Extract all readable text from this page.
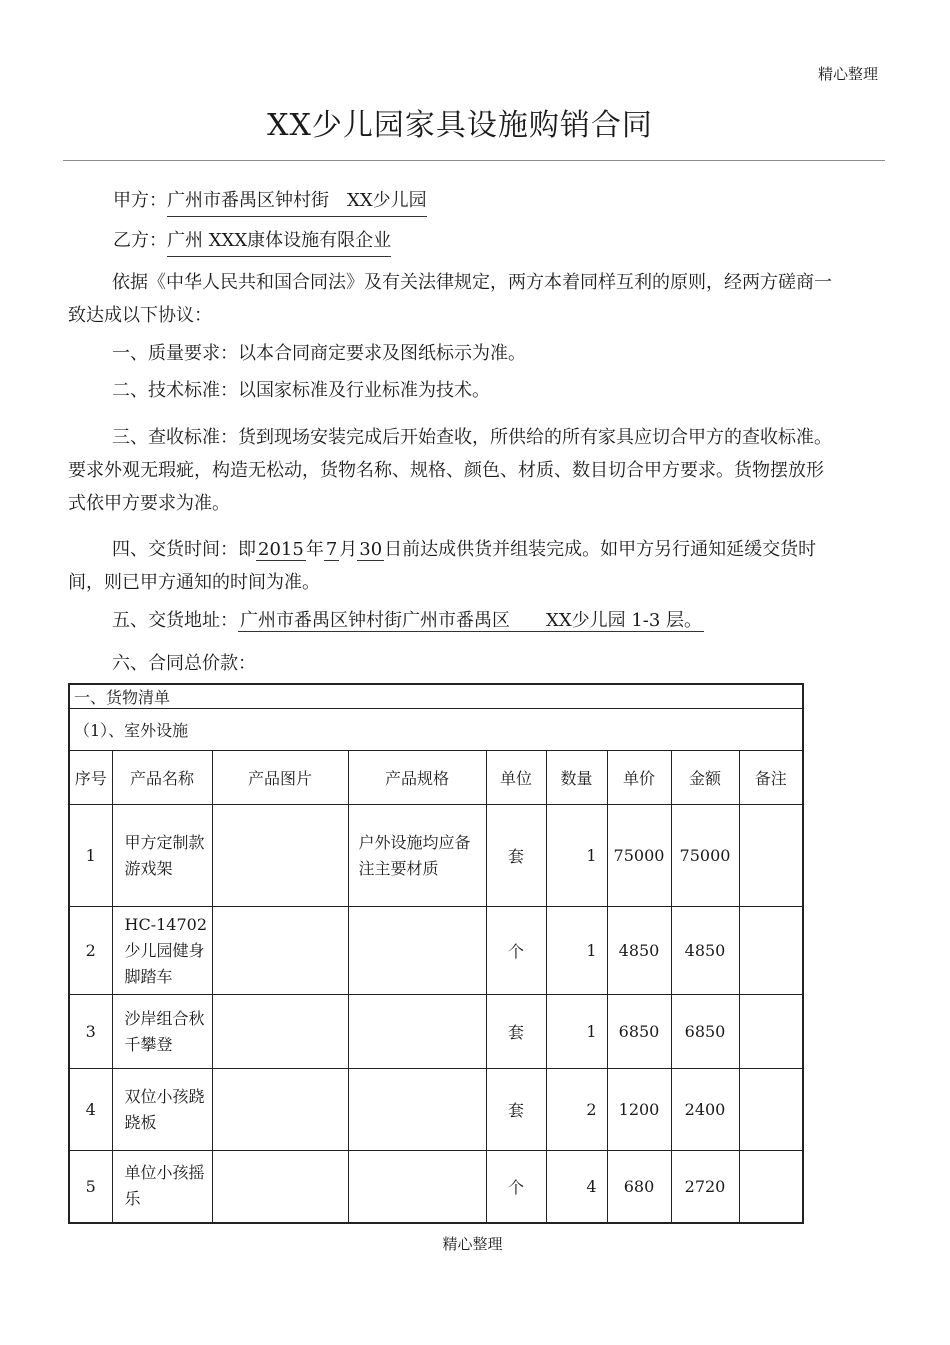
精心整理
XX少儿园家具设施购销合同
甲方：广州市番禺区钟村街　XX少儿园
乙方：广州 XXX康体设施有限企业

依据《中华人民共和国合同法》及有关法律规定，两方本着同样互利的原则，经两方磋商一致达成以下协议：

一、质量要求：以本合同商定要求及图纸标示为准。

二、技术标准：以国家标准及行业标准为技术。

三、查收标准：货到现场安装完成后开始查收，所供给的所有家具应切合甲方的查收标准。要求外观无瑕疵，构造无松动，货物名称、规格、颜色、材质、数目切合甲方要求。货物摆放形式依甲方要求为准。

四、交货时间：即 2015 年 7 月 30 日前达成供货并组装完成。如甲方另行通知延缓交货时间，则已甲方通知的时间为准。

五、交货地址： 广州市番禺区钟村街广州市番禺区　　XX少儿园 1-3 层。

六、合同总价款：

一、货物清单								
（1）、室外设施								
序号	产品名称	产品图片	产品规格	单位	数量	单价	金额	备注
1	甲方定制款游戏架		户外设施均应备注主要材质	套	1	75000	75000	
2	HC-14702少儿园健身脚踏车			个	1	4850	4850	
3	沙岸组合秋千攀登			套	1	6850	6850	
4	双位小孩跷跷板			套	2	1200	2400	
5	单位小孩摇乐			个	4	680	2720	
精心整理
